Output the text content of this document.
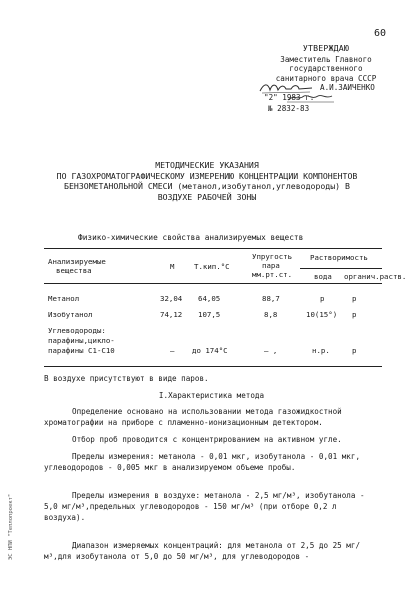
60
УТВЕРЖДАЮ
Заместитель Главного
государственного
санитарного врача СССР
А.И.ЗАИЧЕНКО
"2" 1983 г.
№ 2832-83
МЕТОДИЧЕСКИЕ УКАЗАНИЯ
ПО ГАЗОХРОМАТОГРАФИЧЕСКОМУ ИЗМЕРЕНИЮ КОНЦЕНТРАЦИИ КОМПОНЕНТОВ
БЕНЗОМЕТАНОЛЬНОЙ СМЕСИ (метанол,изобутанол,углеводороды) В
ВОЗДУХЕ РАБОЧЕЙ ЗОНЫ
Физико-химические свойства анализируемых веществ
Анализируемые
вещества	М	Т.кип.°С
Упругость
пара
мм.рт.ст.
Растворимость
вода органич.раств.
Метанол	32,04 64,05	88,7	р	р
Изобутанол	74,12 107,5	8,8	10(15°) р
Углеводороды:
парафины,цикло-
парафины C1-C10	– до 174°С	– ,	н.р.	р
В воздухе присутствуют в виде паров.
I.Характеристика метода
Определение основано на использовании метода газожидкостной хроматографии на приборе с пламенно-ионизационным детектором.
Отбор проб проводится с концентрированием на активном угле.
Пределы измерения: метанола - 0,01 мкг, изобутанола - 0,01 мкг, углеводородов - 0,005 мкг в анализируемом объеме пробы.
Пределы измерения в воздухе: метанола - 2,5 мг/м³, изобутанола - 5,0 мг/м³,предельных углеводородов - 150 мг/м³ (при отборе 0,2 л воздуха).
Диапазон измеряемых концентраций: для метанола от 2,5 до 25 мг/м³,для изобутанола от 5,0 до 50 мг/м³, для углеводородов -
ЭС НПИ "Теплопроект"
